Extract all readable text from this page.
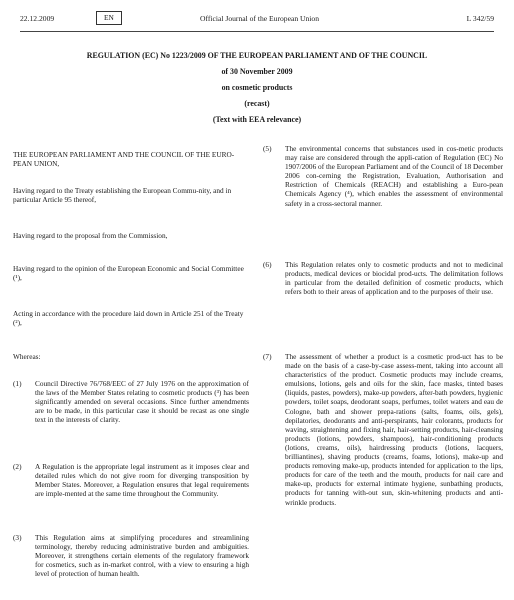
22.12.2009	EN	Official Journal of the European Union	L 342/59
REGULATION (EC) No 1223/2009 OF THE EUROPEAN PARLIAMENT AND OF THE COUNCIL
of 30 November 2009
on cosmetic products
(recast)
(Text with EEA relevance)

THE EUROPEAN PARLIAMENT AND THE COUNCIL OF THE EURO-PEAN UNION,

Having regard to the Treaty establishing the European Commu-nity, and in particular Article 95 thereof,

Having regard to the proposal from the Commission,

Having regard to the opinion of the European Economic and Social Committee (¹),

Acting in accordance with the procedure laid down in Article 251 of the Treaty (²),

Whereas:

(1)	Council Directive 76/768/EEC of 27 July 1976 on the approximation of the laws of the Member States relating to cosmetic products (³) has been significantly amended on several occasions. Since further amendments are to be made, in this particular case it should be recast as one single text in the interests of clarity.
(2)	A Regulation is the appropriate legal instrument as it imposes clear and detailed rules which do not give room for diverging transposition by Member States. Moreover, a Regulation ensures that legal requirements are imple-mented at the same time throughout the Community.
(3)	This Regulation aims at simplifying procedures and streamlining terminology, thereby reducing administrative burden and ambiguities. Moreover, it strengthens certain elements of the regulatory framework for cosmetics, such as in-market control, with a view to ensuring a high level of protection of human health.
(5)	The environmental concerns that substances used in cos-metic products may raise are considered through the appli-cation of Regulation (EC) No 1907/2006 of the European Parliament and of the Council of 18 December 2006 con-cerning the Registration, Evaluation, Authorisation and Restriction of Chemicals (REACH) and establishing a Euro-pean Chemicals Agency (⁴), which enables the assessment of environmental safety in a cross-sectoral manner.
(6)	This Regulation relates only to cosmetic products and not to medicinal products, medical devices or biocidal prod-ucts. The delimitation follows in particular from the detailed definition of cosmetic products, which refers both to their areas of application and to the purposes of their use.
(7)	The assessment of whether a product is a cosmetic prod-uct has to be made on the basis of a case-by-case assess-ment, taking into account all characteristics of the product. Cosmetic products may include creams, emulsions, lotions, gels and oils for the skin, face masks, tinted bases (liquids, pastes, powders), make-up powders, after-bath powders, hygienic powders, toilet soaps, deodorant soaps, perfumes, toilet waters and eau de Cologne, bath and shower prepa-rations (salts, foams, oils, gels), depilatories, deodorants and anti-perspirants, hair colorants, products for waving, straightening and fixing hair, hair-setting products, hair-cleansing products (lotions, powders, shampoos), hair-conditioning products (lotions, creams, oils), hairdressing products (lotions, lacquers, brilliantines), shaving products (creams, foams, lotions), make-up and products removing make-up, products intended for application to the lips, products for care of the teeth and the mouth, products for nail care and make-up, products for external intimate hygiene, sunbathing products, products for tanning with-out sun, skin-whitening products and anti-wrinkle products.
